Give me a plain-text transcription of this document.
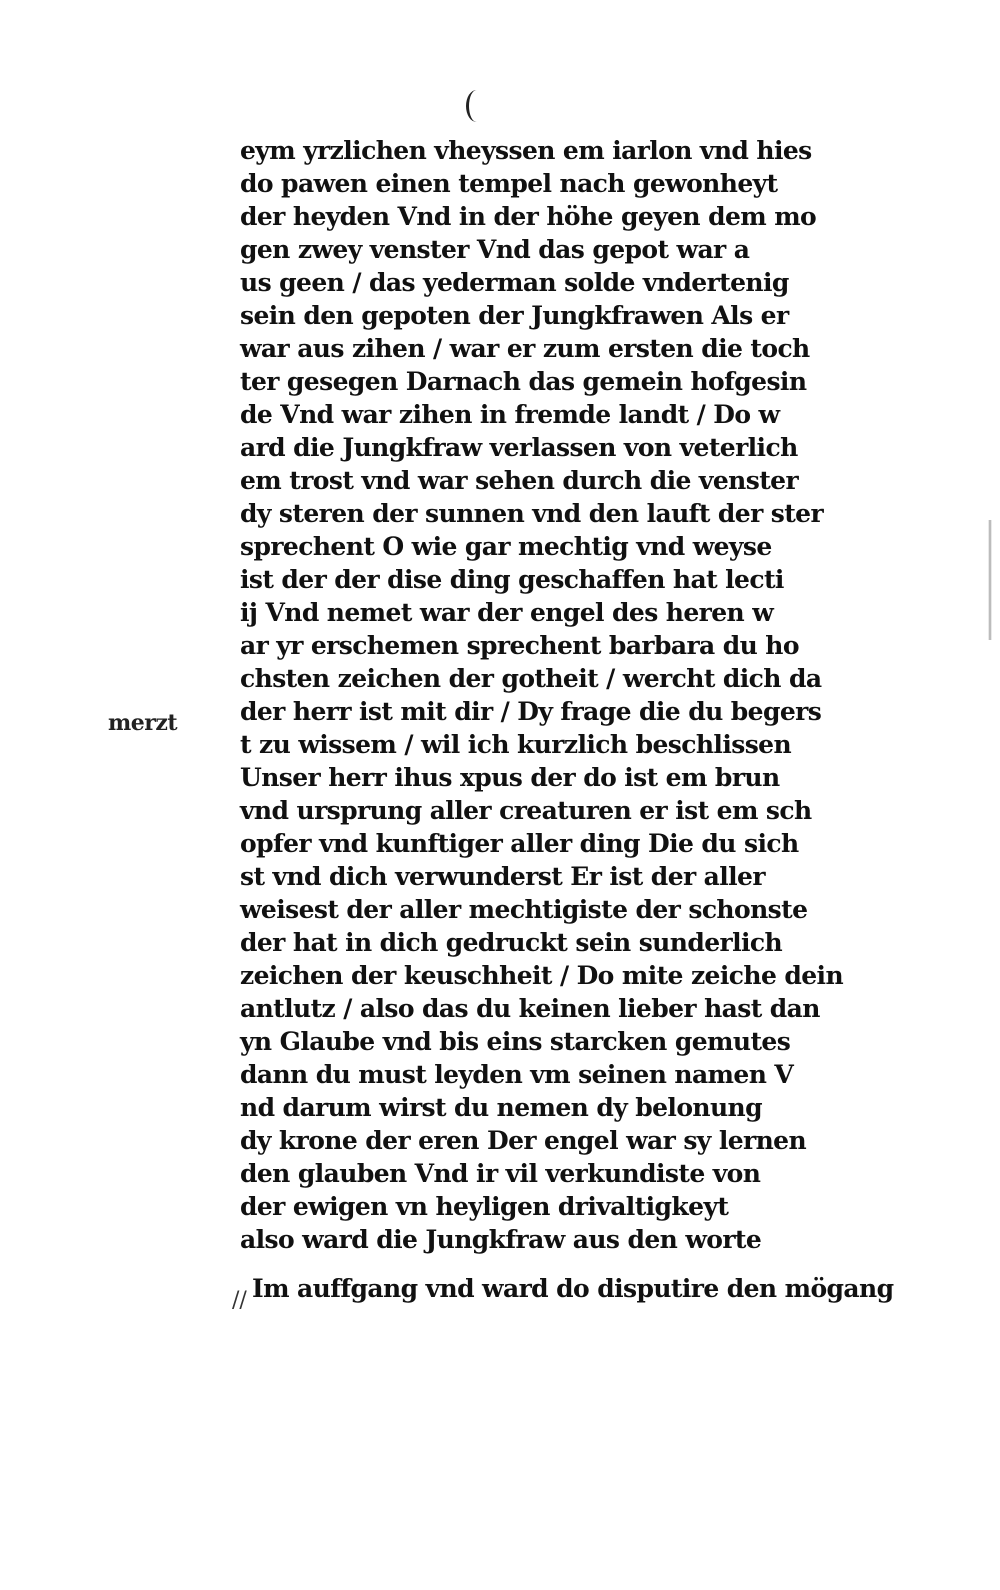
merzt
//
eym yrzlichen vheyssen em iarlon vnd hies
do pawen einen tempel nach gewonheyt
der heyden Vnd in der höhe geyen dem mo
gen zwey venster Vnd das gepot war a
us geen / das yederman solde vndertenig
sein den gepoten der Jungkfrawen Als er
war aus zihen / war er zum ersten die toch
ter gesegen Darnach das gemein hofgesin
de Vnd war zihen in fremde landt / Do w
ard die Jungkfraw verlassen von veterlich
em trost vnd war sehen durch die venster
dy steren der sunnen vnd den lauft der ster
sprechent O wie gar mechtig vnd weyse
ist der der dise ding geschaffen hat lecti
ij Vnd nemet war der engel des heren w
ar yr erschemen sprechent barbara du ho
chsten zeichen der gotheit / wercht dich da
der herr ist mit dir / Dy frage die du begers
t zu wissem / wil ich kurzlich beschlissen
Unser herr ihus xpus der do ist em brun
vnd ursprung aller creaturen er ist em sch
opfer vnd kunftiger aller ding Die du sich
st vnd dich verwunderst Er ist der aller
weisest der aller mechtigiste der schonste
der hat in dich gedruckt sein sunderlich
zeichen der keuschheit / Do mite zeiche dein
antlutz / also das du keinen lieber hast dan
yn Glaube vnd bis eins starcken gemutes
dann du must leyden vm seinen namen V
nd darum wirst du nemen dy belonung
dy krone der eren Der engel war sy lernen
den glauben Vnd ir vil verkundiste von
der ewigen vn heyligen drivaltigkeyt
also ward die Jungkfraw aus den worte
Im auffgang vnd ward do disputire den mögang
